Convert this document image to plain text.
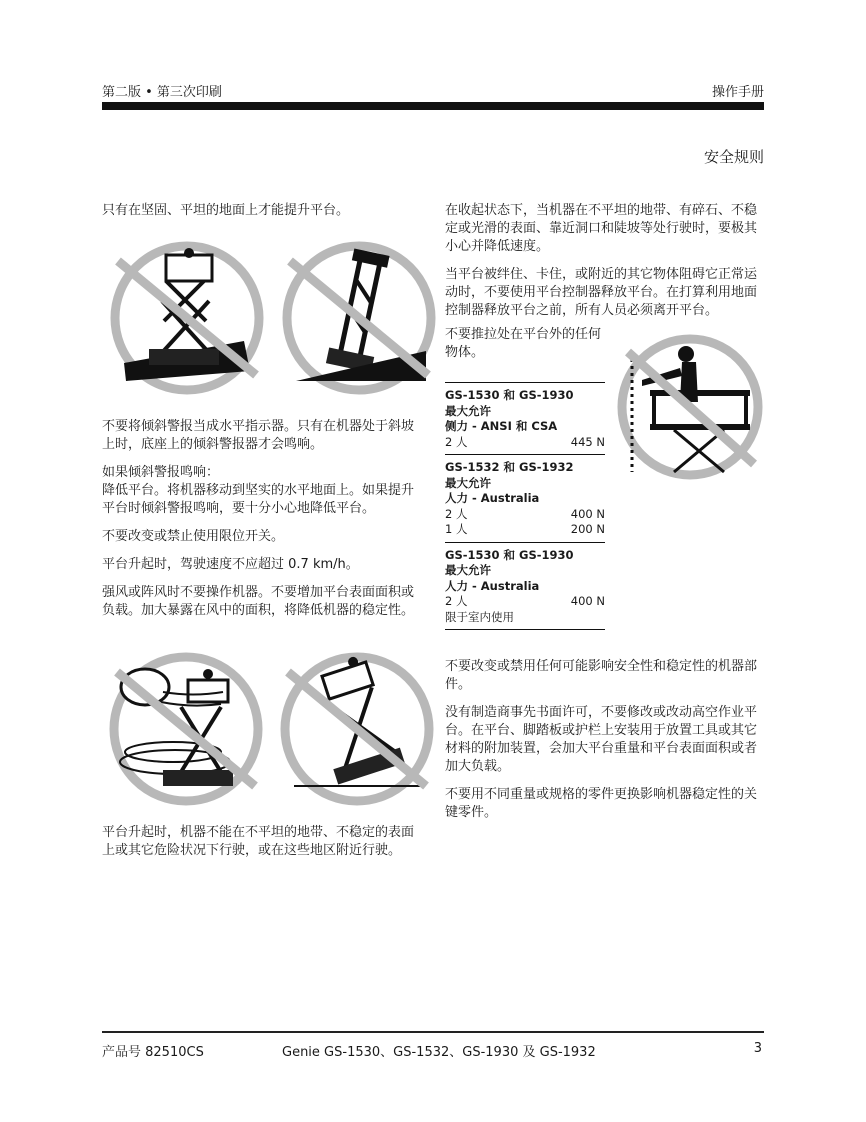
第二版 • 第三次印刷	操作手册
安全规则

只有在坚固、平坦的地面上才能提升平台。

不要将倾斜警报当成水平指示器。只有在机器处于斜坡上时，底座上的倾斜警报器才会鸣响。

如果倾斜警报鸣响：

降低平台。将机器移动到坚实的水平地面上。如果提升平台时倾斜警报鸣响，要十分小心地降低平台。

不要改变或禁止使用限位开关。

平台升起时，驾驶速度不应超过 0.7 km/h。

强风或阵风时不要操作机器。不要增加平台表面面积或负载。加大暴露在风中的面积，将降低机器的稳定性。

平台升起时，机器不能在不平坦的地带、不稳定的表面上或其它危险状况下行驶，或在这些地区附近行驶。

在收起状态下，当机器在不平坦的地带、有碎石、不稳定或光滑的表面、靠近洞口和陡坡等处行驶时，要极其小心并降低速度。

当平台被绊住、卡住，或附近的其它物体阻碍它正常运动时，不要使用平台控制器释放平台。在打算利用地面控制器释放平台之前，所有人员必须离开平台。

不要推拉处在平台外的任何物体。

GS-1530 和 GS-1930
最大允许
侧力 - ANSI 和 CSA
2 人	445 N
GS-1532 和 GS-1932
最大允许
人力 - Australia
2 人	400 N
1 人	200 N
GS-1530 和 GS-1930
最大允许
人力 - Australia
2 人	400 N
限于室内使用

不要改变或禁用任何可能影响安全性和稳定性的机器部件。

没有制造商事先书面许可，不要修改或改动高空作业平台。在平台、脚踏板或护栏上安装用于放置工具或其它材料的附加装置，会加大平台重量和平台表面面积或者加大负载。

不要用不同重量或规格的零件更换影响机器稳定性的关键零件。

产品号 82510CS	Genie GS-1530、GS-1532、GS-1930 及 GS-1932	3
